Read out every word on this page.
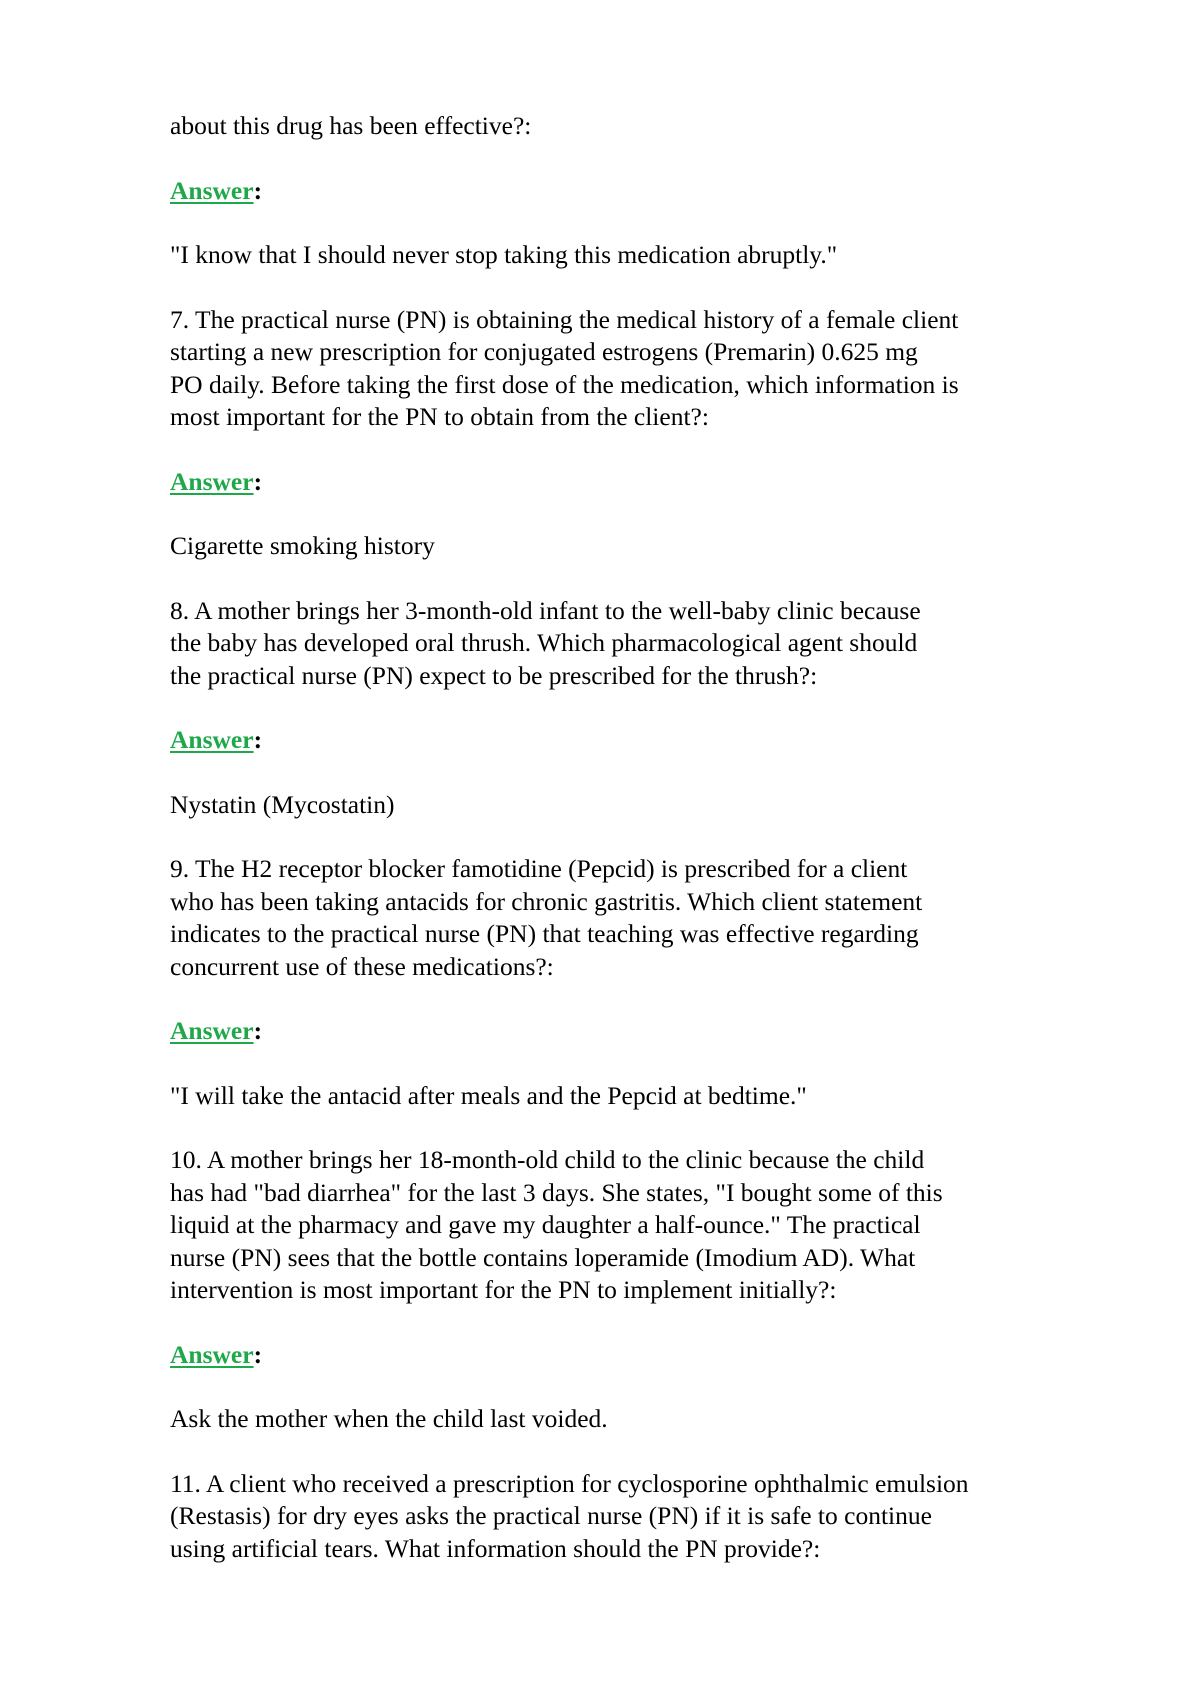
about this drug has been effective?:
Answer:
"I know that I should never stop taking this medication abruptly."
7. The practical nurse (PN) is obtaining the medical history of a female client
starting a new prescription for conjugated estrogens (Premarin) 0.625 mg
PO daily. Before taking the first dose of the medication, which information is
most important for the PN to obtain from the client?:
Answer:
Cigarette smoking history
8. A mother brings her 3-month-old infant to the well-baby clinic because
the baby has developed oral thrush. Which pharmacological agent should
the practical nurse (PN) expect to be prescribed for the thrush?:
Answer:
Nystatin (Mycostatin)
9. The H2 receptor blocker famotidine (Pepcid) is prescribed for a client
who has been taking antacids for chronic gastritis. Which client statement
indicates to the practical nurse (PN) that teaching was effective regarding
concurrent use of these medications?:
Answer:
"I will take the antacid after meals and the Pepcid at bedtime."
10. A mother brings her 18-month-old child to the clinic because the child
has had "bad diarrhea" for the last 3 days. She states, "I bought some of this
liquid at the pharmacy and gave my daughter a half-ounce." The practical
nurse (PN) sees that the bottle contains loperamide (Imodium AD). What
intervention is most important for the PN to implement initially?:
Answer:
Ask the mother when the child last voided.
11. A client who received a prescription for cyclosporine ophthalmic emulsion
(Restasis) for dry eyes asks the practical nurse (PN) if it is safe to continue
using artificial tears. What information should the PN provide?:
